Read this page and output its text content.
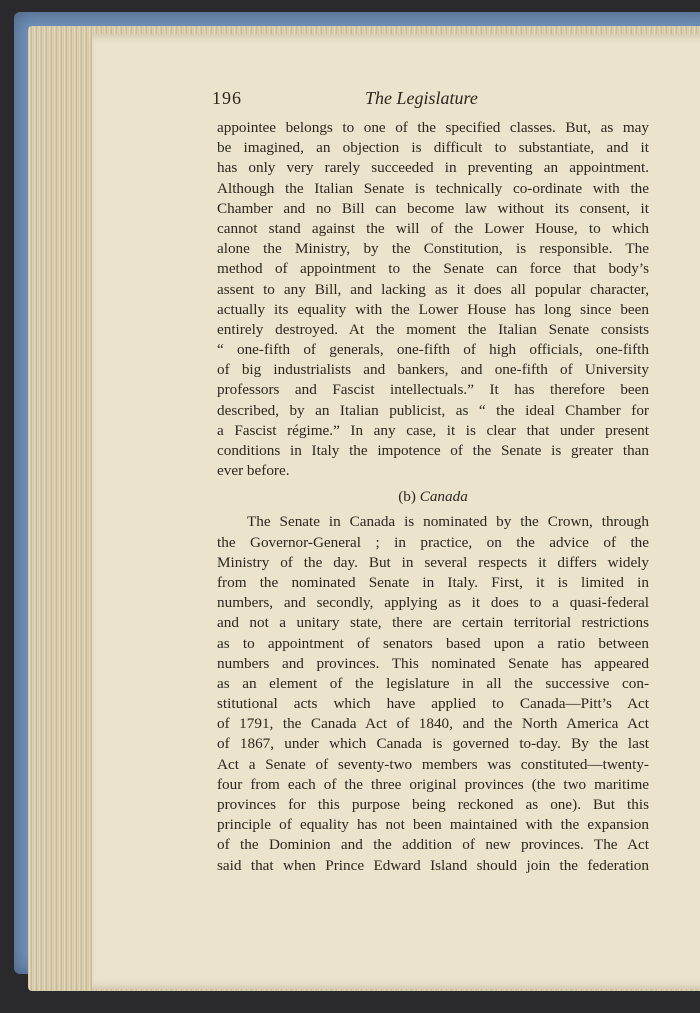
196	The Legislature
appointee belongs to one of the specified classes. But, as may
be imagined, an objection is difficult to substantiate, and it
has only very rarely succeeded in preventing an appointment.
Although the Italian Senate is technically co-ordinate with the
Chamber and no Bill can become law without its consent, it
cannot stand against the will of the Lower House, to which
alone the Ministry, by the Constitution, is responsible. The
method of appointment to the Senate can force that body’s
assent to any Bill, and lacking as it does all popular character,
actually its equality with the Lower House has long since been
entirely destroyed. At the moment the Italian Senate consists
“ one-fifth of generals, one-fifth of high officials, one-fifth
of big industrialists and bankers, and one-fifth of University
professors and Fascist intellectuals.” It has therefore been
described, by an Italian publicist, as “ the ideal Chamber for
a Fascist régime.” In any case, it is clear that under present
conditions in Italy the impotence of the Senate is greater than
ever before.
(b) Canada
The Senate in Canada is nominated by the Crown, through
the Governor-General ; in practice, on the advice of the
Ministry of the day. But in several respects it differs widely
from the nominated Senate in Italy. First, it is limited in
numbers, and secondly, applying as it does to a quasi-federal
and not a unitary state, there are certain territorial restrictions
as to appointment of senators based upon a ratio between
numbers and provinces. This nominated Senate has appeared
as an element of the legislature in all the successive con-
stitutional acts which have applied to Canada—Pitt’s Act
of 1791, the Canada Act of 1840, and the North America Act
of 1867, under which Canada is governed to-day. By the last
Act a Senate of seventy-two members was constituted—twenty-
four from each of the three original provinces (the two maritime
provinces for this purpose being reckoned as one). But this
principle of equality has not been maintained with the expansion
of the Dominion and the addition of new provinces. The Act
said that when Prince Edward Island should join the federation
